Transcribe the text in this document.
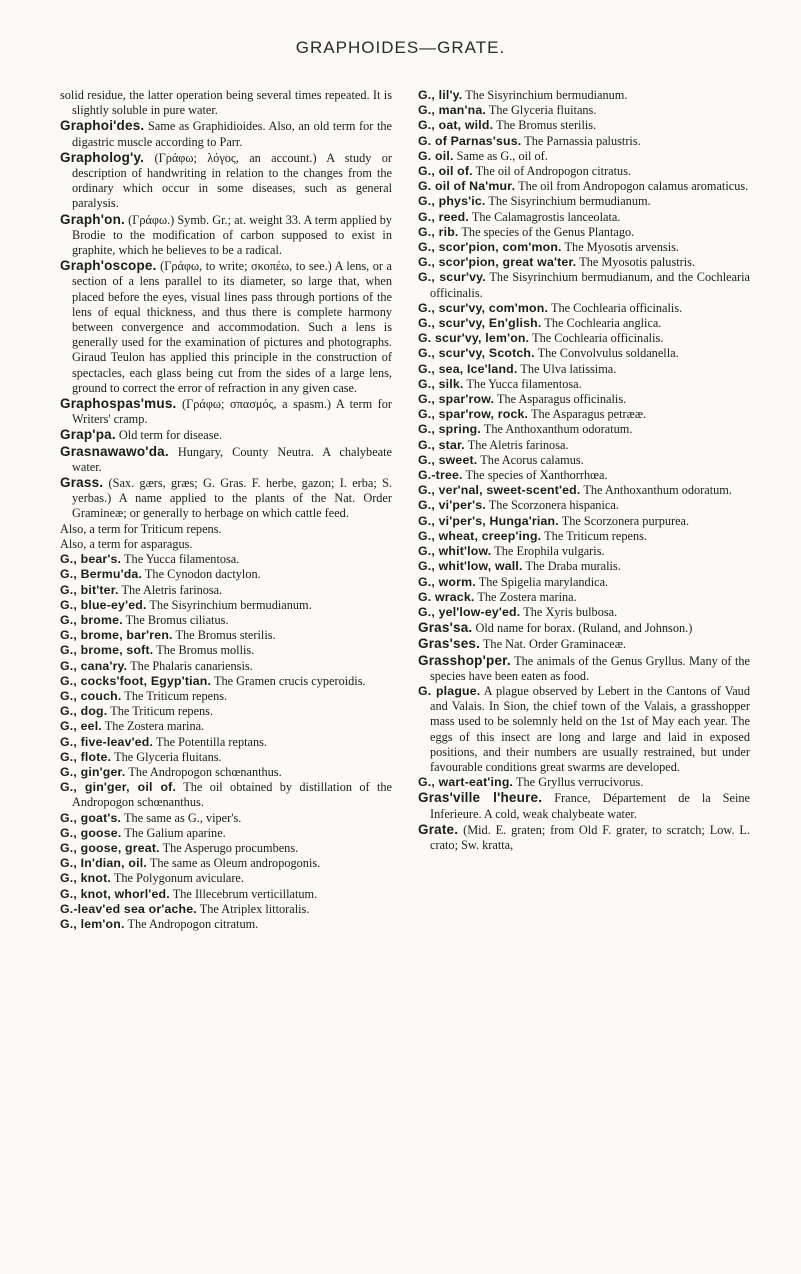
GRAPHOIDES—GRATE.

solid residue, the latter operation being several times repeated. It is slightly soluble in pure water.

Graphoi'des. Same as Graphidioides. Also, an old term for the digastric muscle according to Parr.

Grapholog'y. (Γράφω; λόγος, an account.) A study or description of handwriting in relation to the changes from the ordinary which occur in some diseases, such as general paralysis.

Graph'on. (Γράφω.) Symb. Gr.; at. weight 33. A term applied by Brodie to the modification of carbon supposed to exist in graphite, which he believes to be a radical.

Graph'oscope. (Γράφω, to write; σκοπέω, to see.) A lens, or a section of a lens parallel to its diameter, so large that, when placed before the eyes, visual lines pass through portions of the lens of equal thickness, and thus there is complete harmony between convergence and accommodation. Such a lens is generally used for the examination of pictures and photographs. Giraud Teulon has applied this principle in the construction of spectacles, each glass being cut from the sides of a large lens, ground to correct the error of refraction in any given case.

Graphospas'mus. (Γράφω; σπασμός, a spasm.) A term for Writers' cramp.

Grap'pa. Old term for disease.

Grasnawawo'da. Hungary, County Neutra. A chalybeate water.

Grass. (Sax. gærs, græs; G. Gras. F. herbe, gazon; I. erba; S. yerbas.) A name applied to the plants of the Nat. Order Gramineæ; or generally to herbage on which cattle feed.

Also, a term for Triticum repens.

Also, a term for asparagus.

G., bear's. The Yucca filamentosa.

G., Bermu'da. The Cynodon dactylon.

G., bit'ter. The Aletris farinosa.

G., blue-ey'ed. The Sisyrinchium bermudianum.

G., brome. The Bromus ciliatus.

G., brome, bar'ren. The Bromus sterilis.

G., brome, soft. The Bromus mollis.

G., cana'ry. The Phalaris canariensis.

G., cocks'foot, Egyp'tian. The Gramen crucis cyperoidis.

G., couch. The Triticum repens.

G., dog. The Triticum repens.

G., eel. The Zostera marina.

G., five-leav'ed. The Potentilla reptans.

G., flote. The Glyceria fluitans.

G., gin'ger. The Andropogon schœnanthus.

G., gin'ger, oil of. The oil obtained by distillation of the Andropogon schœnanthus.

G., goat's. The same as G., viper's.

G., goose. The Galium aparine.

G., goose, great. The Asperugo procumbens.

G., In'dian, oil. The same as Oleum andropogonis.

G., knot. The Polygonum aviculare.

G., knot, whorl'ed. The Illecebrum verticillatum.

G.-leav'ed sea or'ache. The Atriplex littoralis.

G., lem'on. The Andropogon citratum.

G., lil'y. The Sisyrinchium bermudianum.

G., man'na. The Glyceria fluitans.

G., oat, wild. The Bromus sterilis.

G. of Parnas'sus. The Parnassia palustris.

G. oil. Same as G., oil of.

G., oil of. The oil of Andropogon citratus.

G. oil of Na'mur. The oil from Andropogon calamus aromaticus.

G., phys'ic. The Sisyrinchium bermudianum.

G., reed. The Calamagrostis lanceolata.

G., rib. The species of the Genus Plantago.

G., scor'pion, com'mon. The Myosotis arvensis.

G., scor'pion, great wa'ter. The Myosotis palustris.

G., scur'vy. The Sisyrinchium bermudianum, and the Cochlearia officinalis.

G., scur'vy, com'mon. The Cochlearia officinalis.

G., scur'vy, En'glish. The Cochlearia anglica.

G. scur'vy, lem'on. The Cochlearia officinalis.

G., scur'vy, Scotch. The Convolvulus soldanella.

G., sea, Ice'land. The Ulva latissima.

G., silk. The Yucca filamentosa.

G., spar'row. The Asparagus officinalis.

G., spar'row, rock. The Asparagus petrææ.

G., spring. The Anthoxanthum odoratum.

G., star. The Aletris farinosa.

G., sweet. The Acorus calamus.

G.-tree. The species of Xanthorrhœa.

G., ver'nal, sweet-scent'ed. The Anthoxanthum odoratum.

G., vi'per's. The Scorzonera hispanica.

G., vi'per's, Hunga'rian. The Scorzonera purpurea.

G., wheat, creep'ing. The Triticum repens.

G., whit'low. The Erophila vulgaris.

G., whit'low, wall. The Draba muralis.

G., worm. The Spigelia marylandica.

G. wrack. The Zostera marina.

G., yel'low-ey'ed. The Xyris bulbosa.

Gras'sa. Old name for borax. (Ruland, and Johnson.)

Gras'ses. The Nat. Order Graminaceæ.

Grasshop'per. The animals of the Genus Gryllus. Many of the species have been eaten as food.

G. plague. A plague observed by Lebert in the Cantons of Vaud and Valais. In Sion, the chief town of the Valais, a grasshopper mass used to be solemnly held on the 1st of May each year. The eggs of this insect are long and large and laid in exposed positions, and their numbers are usually restrained, but under favourable conditions great swarms are developed.

G., wart-eat'ing. The Gryllus verrucivorus.

Gras'ville l'heure. France, Département de la Seine Inferieure. A cold, weak chalybeate water.

Grate. (Mid. E. graten; from Old F. grater, to scratch; Low. L. crato; Sw. kratta,
